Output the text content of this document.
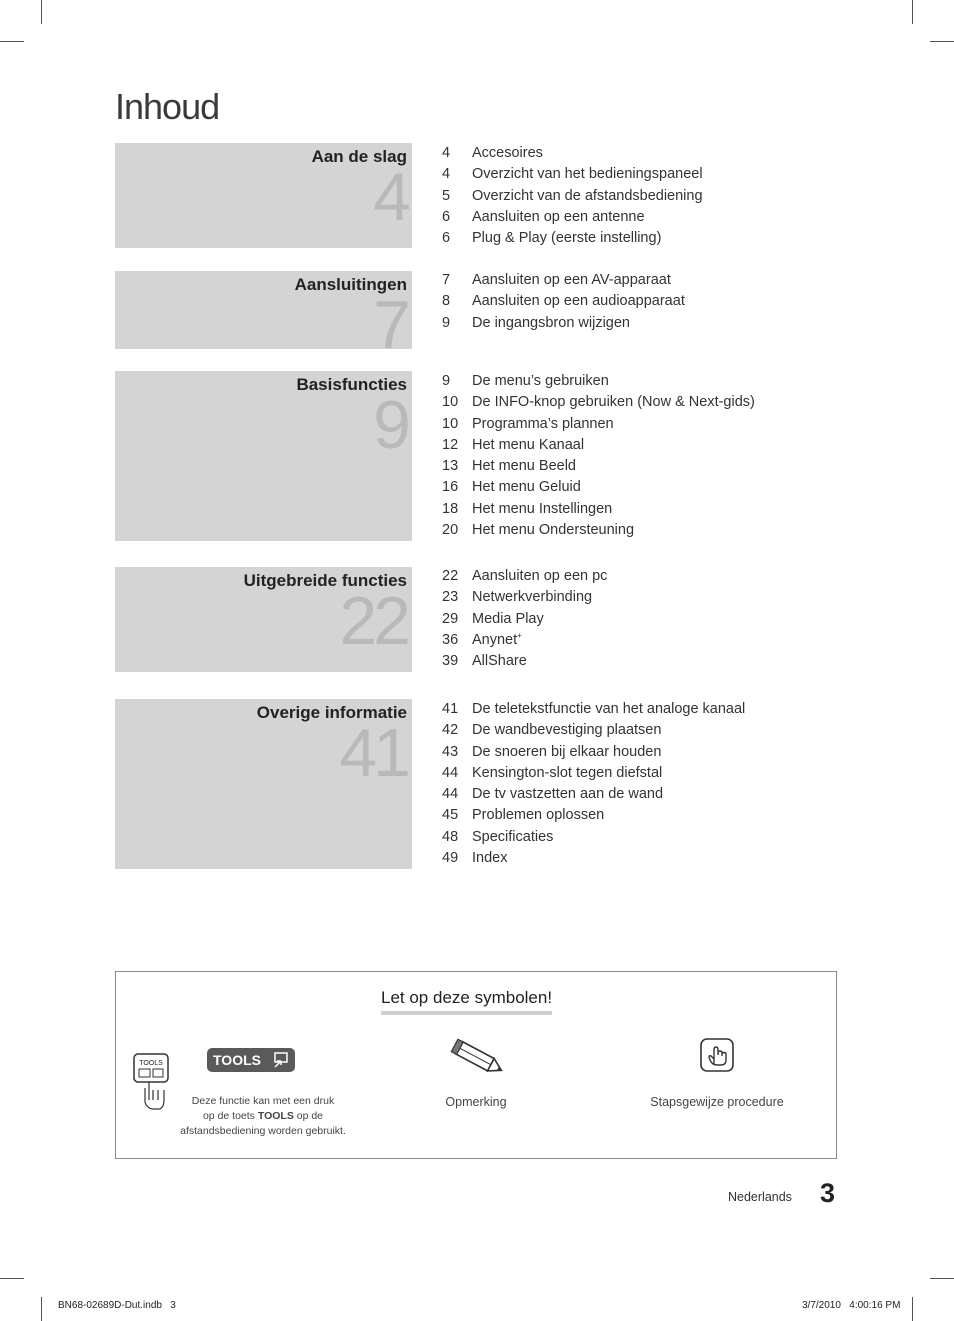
Inhoud
Aan de slag
4
4	Accesoires
4	Overzicht van het bedieningspaneel
5	Overzicht van de afstandsbediening
6	Aansluiten op een antenne
6	Plug & Play (eerste instelling)
Aansluitingen
7
7	Aansluiten op een AV-apparaat
8	Aansluiten op een audioapparaat
9	De ingangsbron wijzigen
Basisfuncties
9
9	De menu’s gebruiken
10 De INFO-knop gebruiken (Now & Next-gids)
10 Programma’s plannen
12 Het menu Kanaal
13 Het menu Beeld
16 Het menu Geluid
18 Het menu Instellingen
20 Het menu Ondersteuning
Uitgebreide functies
22
22 Aansluiten op een pc
23 Netwerkverbinding
29 Media Play
36 Anynet+
39 AllShare
Overige informatie
41
41 De teletekstfunctie van het analoge kanaal
42 De wandbevestiging plaatsen
43 De snoeren bij elkaar houden
44 Kensington-slot tegen diefstal
44 De tv vastzetten aan de wand
45 Problemen oplossen
48 Specificaties
49 Index
Let op deze symbolen!
TOOLS	TOOLS
Deze functie kan met een druk
op de toets TOOLS op de
afstandsbediening worden gebruikt.
Opmerking	Stapsgewijze procedure
Nederlands 3
BN68-02689D-Dut.indb   3	3/7/2010   4:00:16 PM
